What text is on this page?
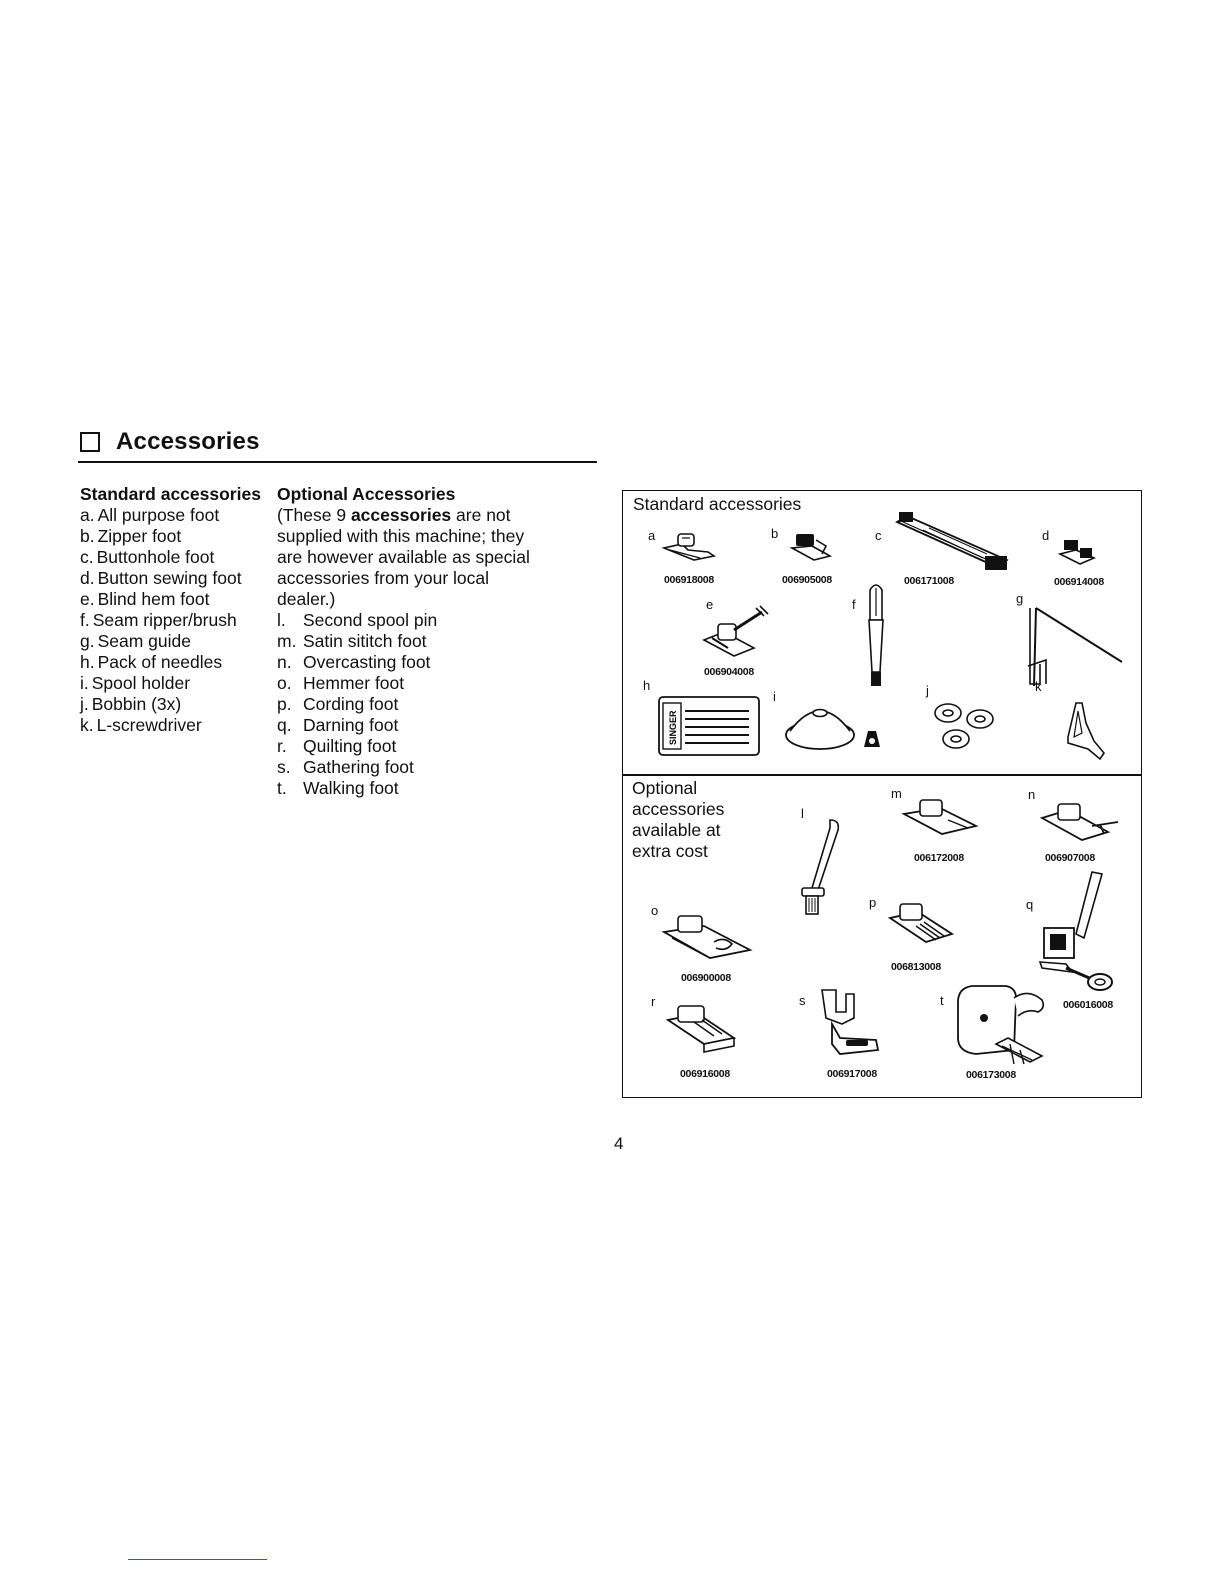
Accessories
Standard accessories
a. All purpose foot
b. Zipper foot
c. Buttonhole foot
d. Button sewing foot
e. Blind hem foot
f. Seam ripper/brush
g. Seam guide
h. Pack of needles
i. Spool holder
j. Bobbin (3x)
k. L-screwdriver
Optional Accessories
(These 9 accessories are not
supplied with this machine; they
are however available as special
accessories from your local
dealer.)
l. Second spool pin
m. Satin sititch foot
n. Overcasting foot
o. Hemmer foot
p. Cording foot
q. Darning foot
r. Quilting foot
s. Gathering foot
t. Walking foot
Standard accessories
Optional
accessories
available at
extra cost
a	b	c	d
e	f	g
h
i	j	k
l
m	n
o
p	q
r	s	t
006918008	006905008	006171008	006914008
006904008
006172008	006907008
006900008
006813008
006016008
006916008	006917008	006173008
SINGER
4
